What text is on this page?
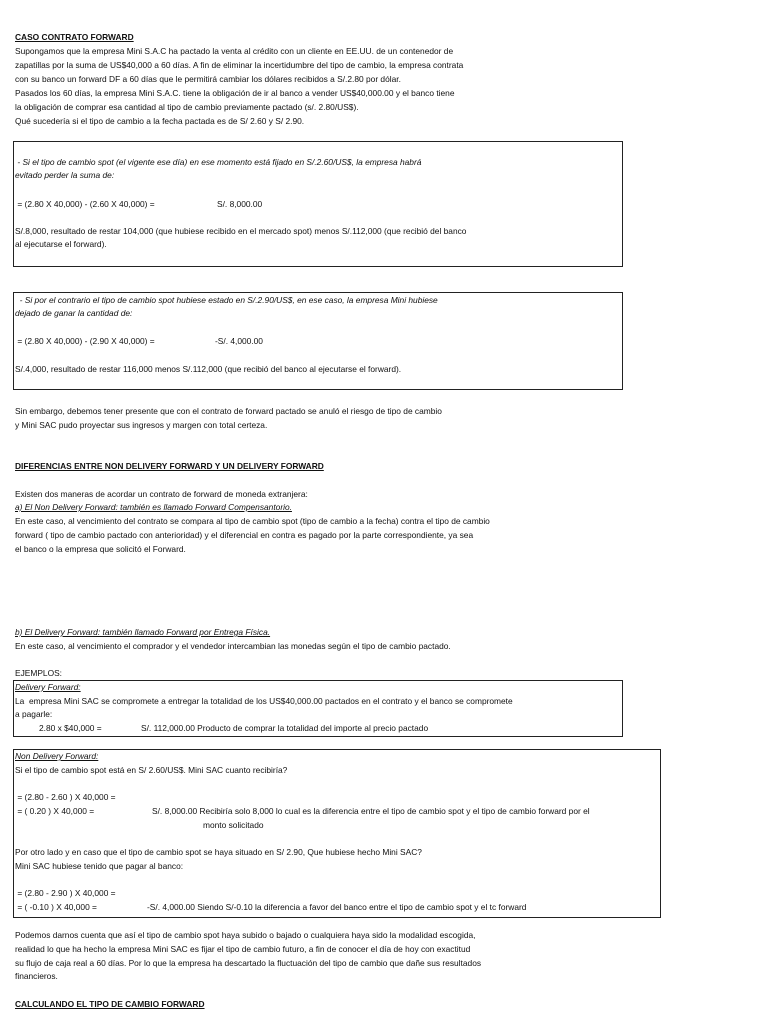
CASO CONTRATO FORWARD
Supongamos que la empresa Mini S.A.C ha pactado la venta al crédito con un cliente en EE.UU. de un contenedor de
zapatillas por la suma de US$40,000 a 60 días. A fin de eliminar la incertidumbre del tipo de cambio, la empresa contrata
con su banco un forward DF a 60 días que le permitirá cambiar los dólares recibidos a S/.2.80 por dólar.
Pasados los 60 días, la empresa Mini S.A.C. tiene la obligación de ir al banco a vender US$40,000.00 y el banco tiene
la obligación de comprar esa cantidad al tipo de cambio previamente pactado (s/. 2.80/US$).
Qué sucedería si el tipo de cambio a la fecha pactada es de S/ 2.60 y S/ 2.90.
- Si el tipo de cambio spot (el vigente ese día) en ese momento está fijado en S/.2.60/US$, la empresa habrá
evitado perder la suma de:
= (2.80 X 40,000) - (2.60 X 40,000) =	S/. 8,000.00
S/.8,000, resultado de restar 104,000 (que hubiese recibido en el mercado spot) menos S/.112,000 (que recibió del banco
al ejecutarse el forward).
- Si por el contrario el tipo de cambio spot hubiese estado en S/.2.90/US$, en ese caso, la empresa Mini hubiese
dejado de ganar la cantidad de:
= (2.80 X 40,000) - (2.90 X 40,000) =	-S/. 4,000.00
S/.4,000, resultado de restar 116,000 menos S/.112,000 (que recibió del banco al ejecutarse el forward).
Sin embargo, debemos tener presente que con el contrato de forward pactado se anuló el riesgo de tipo de cambio
y Mini SAC pudo proyectar sus ingresos y margen con total certeza.
DIFERENCIAS ENTRE NON DELIVERY FORWARD Y UN DELIVERY FORWARD
Existen dos maneras de acordar un contrato de forward de moneda extranjera:
a) El Non Delivery Forward: también es llamado Forward Compensantorio.
En este caso, al vencimiento del contrato se compara al tipo de cambio spot (tipo de cambio a la fecha) contra el tipo de cambio
forward ( tipo de cambio pactado con anterioridad) y el diferencial en contra es pagado por la parte correspondiente, ya sea
el banco o la empresa que solicitó el Forward.
b) El Delivery Forward: también llamado Forward por Entrega Física.
En este caso, al vencimiento el comprador y el vendedor intercambian las monedas según el tipo de cambio pactado.
EJEMPLOS:
Delivery Forward:
La  empresa Mini SAC se compromete a entregar la totalidad de los US$40,000.00 pactados en el contrato y el banco se compromete
a pagarle:
2.80 x $40,000 =	S/. 112,000.00 Producto de comprar la totalidad del importe al precio pactado
Non Delivery Forward:
Si el tipo de cambio spot está en S/ 2.60/US$. Mini SAC cuanto recibiría?
= (2.80 - 2.60 ) X 40,000 =
= ( 0.20 ) X 40,000 =	S/. 8,000.00 Recibiría solo 8,000 lo cual es la diferencia entre el tipo de cambio spot y el tipo de cambio forward por el
monto solicitado
Por otro lado y en caso que el tipo de cambio spot se haya situado en S/ 2.90, Que hubiese hecho Mini SAC?
Mini SAC hubiese tenido que pagar al banco:
= (2.80 - 2.90 ) X 40,000 =
= ( -0.10 ) X 40,000 =	-S/. 4,000.00 Siendo S/-0.10 la diferencia a favor del banco entre el tipo de cambio spot y el tc forward
Podemos darnos cuenta que así el tipo de cambio spot haya subido o bajado o cualquiera haya sido la modalidad escogida,
realidad lo que ha hecho la empresa Mini SAC es fijar el tipo de cambio futuro, a fin de conocer el día de hoy con exactitud
su flujo de caja real a 60 días. Por lo que la empresa ha descartado la fluctuación del tipo de cambio que dañe sus resultados
financieros.
CALCULANDO EL TIPO DE CAMBIO FORWARD
